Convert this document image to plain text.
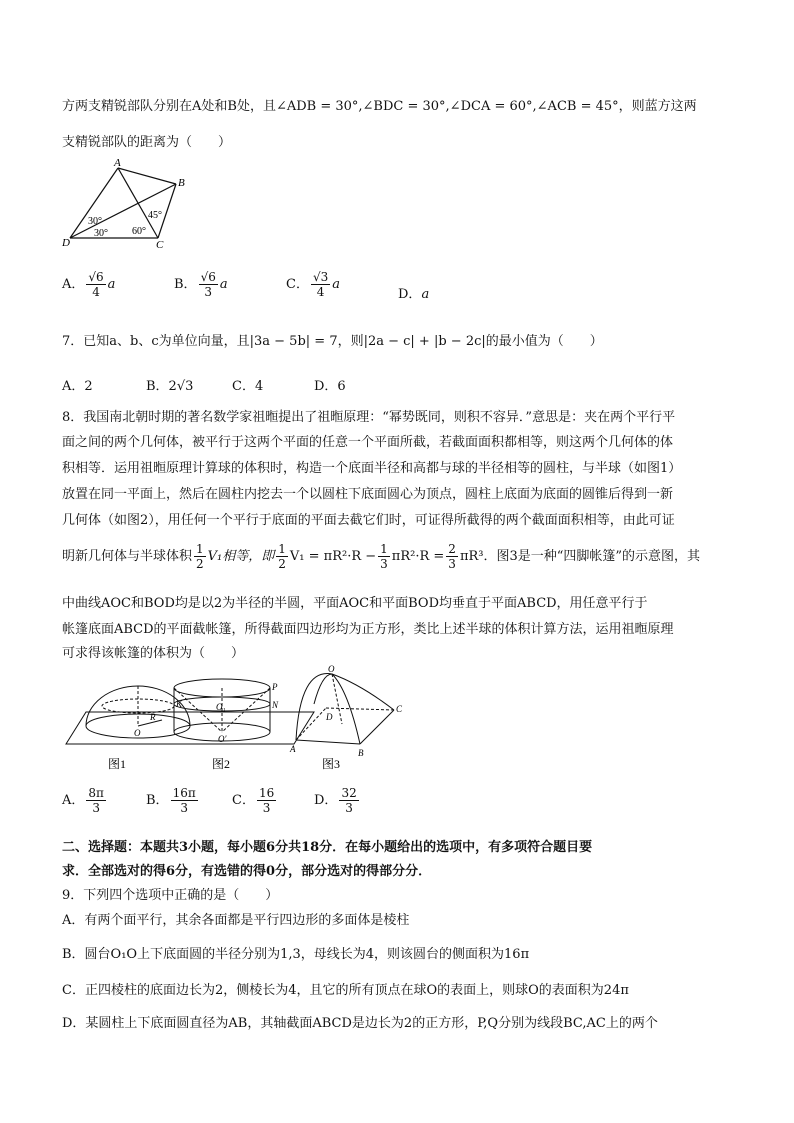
方两支精锐部队分别在A处和B处，且∠ADB = 30°,∠BDC = 30°,∠DCA = 60°,∠ACB = 45°，则蓝方这两
支精锐部队的距离为（　　）
A
B
C
D
30°
30° 60°
45°
A． $\frac{√6}{4}$ a	B． $\frac{√6}{3}$ a	C． $\frac{√3}{4}$ a
D．a
7．已知a、b、c为单位向量，且|3a − 5b| = 7，则|2a − c| + |b − 2c|的最小值为（　　）
A．2	B．2√3	C．4	D．6
8．我国南北朝时期的著名数学家祖暅提出了祖暅原理：“幂势既同，则积不容异．”意思是：夹在两个平行平
面之间的两个几何体，被平行于这两个平面的任意一个平面所截，若截面面积都相等，则这两个几何体的体
积相等．运用祖暅原理计算球的体积时，构造一个底面半径和高都与球的半径相等的圆柱，与半球（如图1）
放置在同一平面上，然后在圆柱内挖去一个以圆柱下底面圆心为顶点，圆柱上底面为底面的圆锥后得到一新
几何体（如图2），用任何一个平行于底面的平面去截它们时，可证得所截得的两个截面面积相等，由此可证
明新几何体与半球体积 $\frac{1}{2} V_1$相等，即 $\frac{1}{2} V_1 = \pi R^2\cdot R - \frac{1}{3} \pi R^2\cdot R = \frac{2}{3} \pi R^3$．图3是一种“四脚帐篷”的示意图，其
中曲线AOC和BOD均是以2为半径的半圆，平面AOC和平面BOD均垂直于平面ABCD，用任意平行于
帐篷底面ABCD的平面截帐篷，所得截面四边形均为正方形，类比上述半球的体积计算方法，运用祖暅原理
可求得该帐篷的体积为（　　）
K
P
N
O₁
O
R
O′
O
A	B
C
D
图1	图2	图3
A． $\frac{8\pi}{3}$	B． $\frac{16\pi}{3}$	C． $\frac{16}{3}$	D． $\frac{32}{3}$
二、选择题：本题共3小题，每小题6分共18分．在每小题给出的选项中，有多项符合题目要
求．全部选对的得6分，有选错的得0分，部分选对的得部分分．
9．下列四个选项中正确的是（　　）
A．有两个面平行，其余各面都是平行四边形的多面体是棱柱
B．圆台O₁O上下底面圆的半径分别为1,3，母线长为4，则该圆台的侧面积为16π
C．正四棱柱的底面边长为2，侧棱长为4，且它的所有顶点在球O的表面上，则球O的表面积为24π
D．某圆柱上下底面圆直径为AB，其轴截面ABCD是边长为2的正方形，P,Q分别为线段BC,AC上的两个
